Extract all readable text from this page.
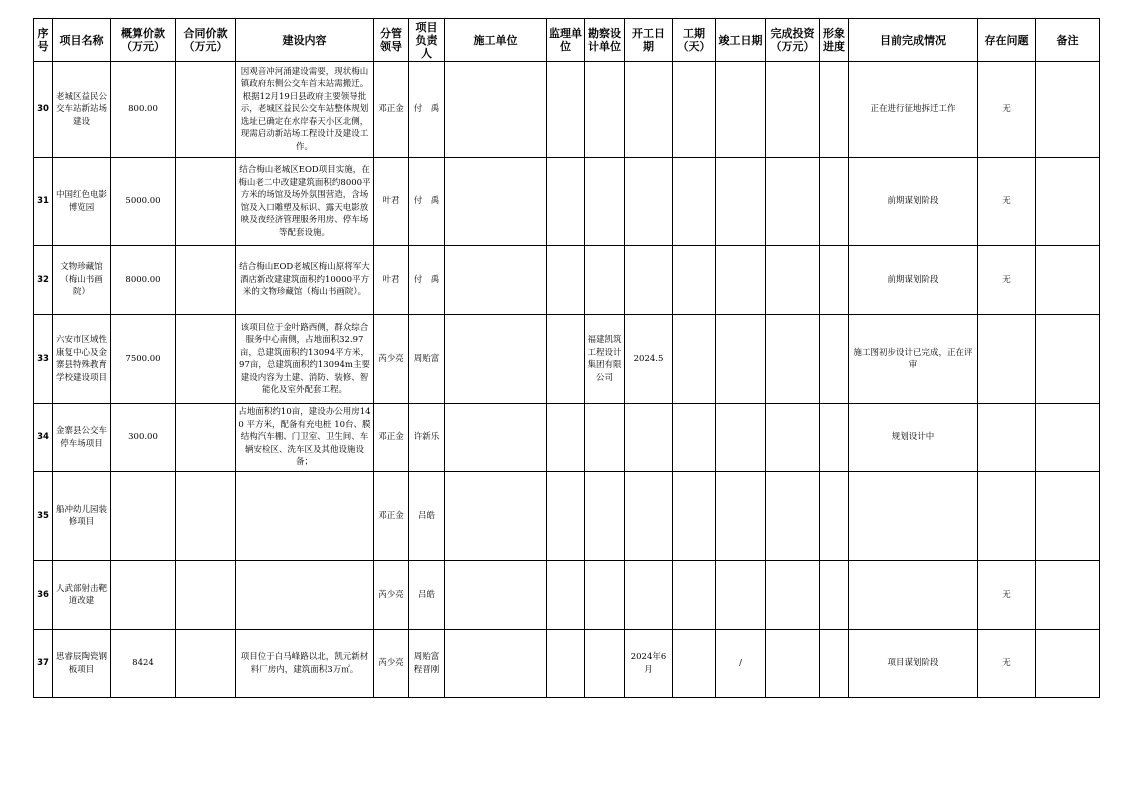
序号	项目名称	概算价款（万元）	合同价款（万元）	建设内容	分管领导	项目负责人	施工单位	监理单位	勘察设计单位	开工日期	工期（天）	竣工日期	完成投资（万元）	形象进度	目前完成情况	存在问题	备注
30	老城区益民公交车站新站场建设	800.00		因观音冲河涌建设需要，现状梅山镇政府东侧公交车首末站需搬迁。根据12月19日县政府主要领导批示，老城区益民公交车站整体规划选址已确定在水岸春天小区北侧，现需启动新站场工程设计及建设工作。	邓正金	付　禹									正在进行征地拆迁工作	无	
31	中国红色电影博览园	5000.00		结合梅山老城区EOD项目实施，在梅山老二中改建建筑面积约8000平方米的场馆及场外氛围营造，含场馆及入口雕塑及标识、露天电影放映及夜经济管理服务用房、停车场等配套设施。	叶君	付　禹									前期谋划阶段	无	
32	文物珍藏馆（梅山书画院）	8000.00		结合梅山EOD老城区梅山原将军大酒店新改建建筑面积约10000平方米的文物珍藏馆（梅山书画院）。	叶君	付　禹									前期谋划阶段	无	
33	六安市区域性康复中心及金寨县特殊教育学校建设项目	7500.00		该项目位于金叶路西侧，群众综合服务中心南侧，占地面积32.97亩，总建筑面积约13094平方米，97亩，总建筑面积约13094m主要建设内容为土建、消防、装修、智能化及室外配套工程。	芮少亮	周贻富			福建凯筑工程设计集团有限公司	2024.5					施工图初步设计已完成，正在评审		
34	金寨县公交车停车场项目	300.00		占地面积约10亩，建设办公用房140 平方米，配备有充电桩 10台、膜结构汽车棚、门卫室、卫生间、车辆安检区、洗车区及其他设施设备；	邓正金	许新乐									规划设计中		
35	船冲幼儿园装修项目				邓正金	吕皓											
36	人武部射击靶道改建				芮少亮	吕皓										无	
37	思睿辰陶瓷钢板项目	8424		项目位于白马峰路以北，凯元新材料厂房内，建筑面积3万㎡。	芮少亮	周贻富程晋刚				2024年6月		/			项目谋划阶段	无	
